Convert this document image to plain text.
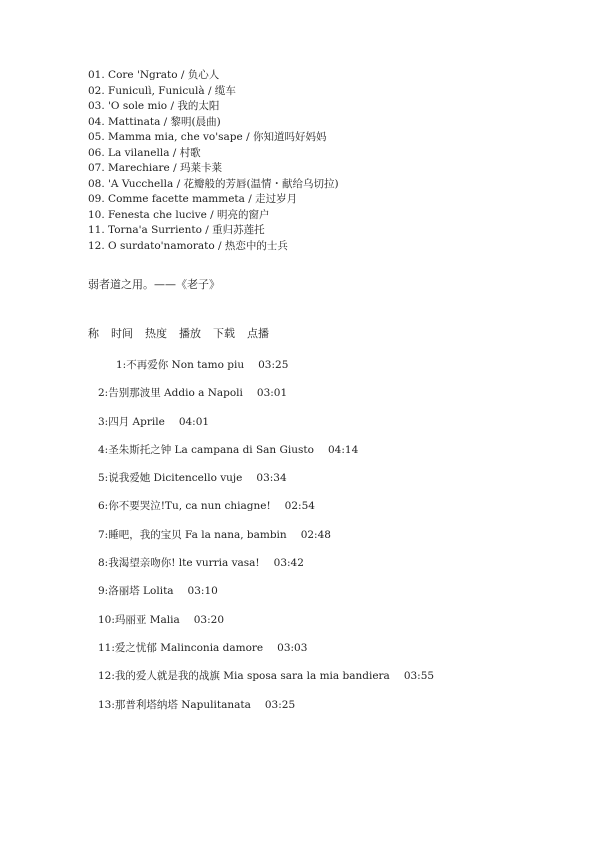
01. Core 'Ngrato / 负心人
02. Funiculì, Funiculà / 缆车
03. 'O sole mio / 我的太阳
04. Mattinata / 黎明(晨曲)
05. Mamma mia, che vo'sape / 你知道吗好妈妈
06. La vilanella / 村歌
07. Marechiare / 玛莱卡莱
08. 'A Vucchella / 花瓣般的芳唇(温情・献给乌切拉)
09. Comme facette mammeta / 走过岁月
10. Fenesta che lucive / 明亮的窗户
11. Torna'a Surriento / 重归苏莲托
12. O surdato'namorato / 热恋中的士兵
弱者道之用。——《老子》
称 时间 热度 播放 下载 点播
1:不再爱你 Non tamo piu 03:25
2:告别那波里 Addio a Napoli 03:01
3:四月 Aprile 04:01
4:圣朱斯托之钟 La campana di San Giusto 04:14
5:说我爱她 Dicitencello vuje 03:34
6:你不要哭泣!Tu, ca nun chiagne! 02:54
7:睡吧，我的宝贝 Fa la nana, bambin 02:48
8:我渴望亲吻你! lte vurria vasa! 03:42
9:洛丽塔 Lolita 03:10
10:玛丽亚 Malia 03:20
11:爱之忧郁 Malinconia damore 03:03
12:我的爱人就是我的战旗 Mia sposa sara la mia bandiera 03:55
13:那普利塔纳塔 Napulitanata 03:25
